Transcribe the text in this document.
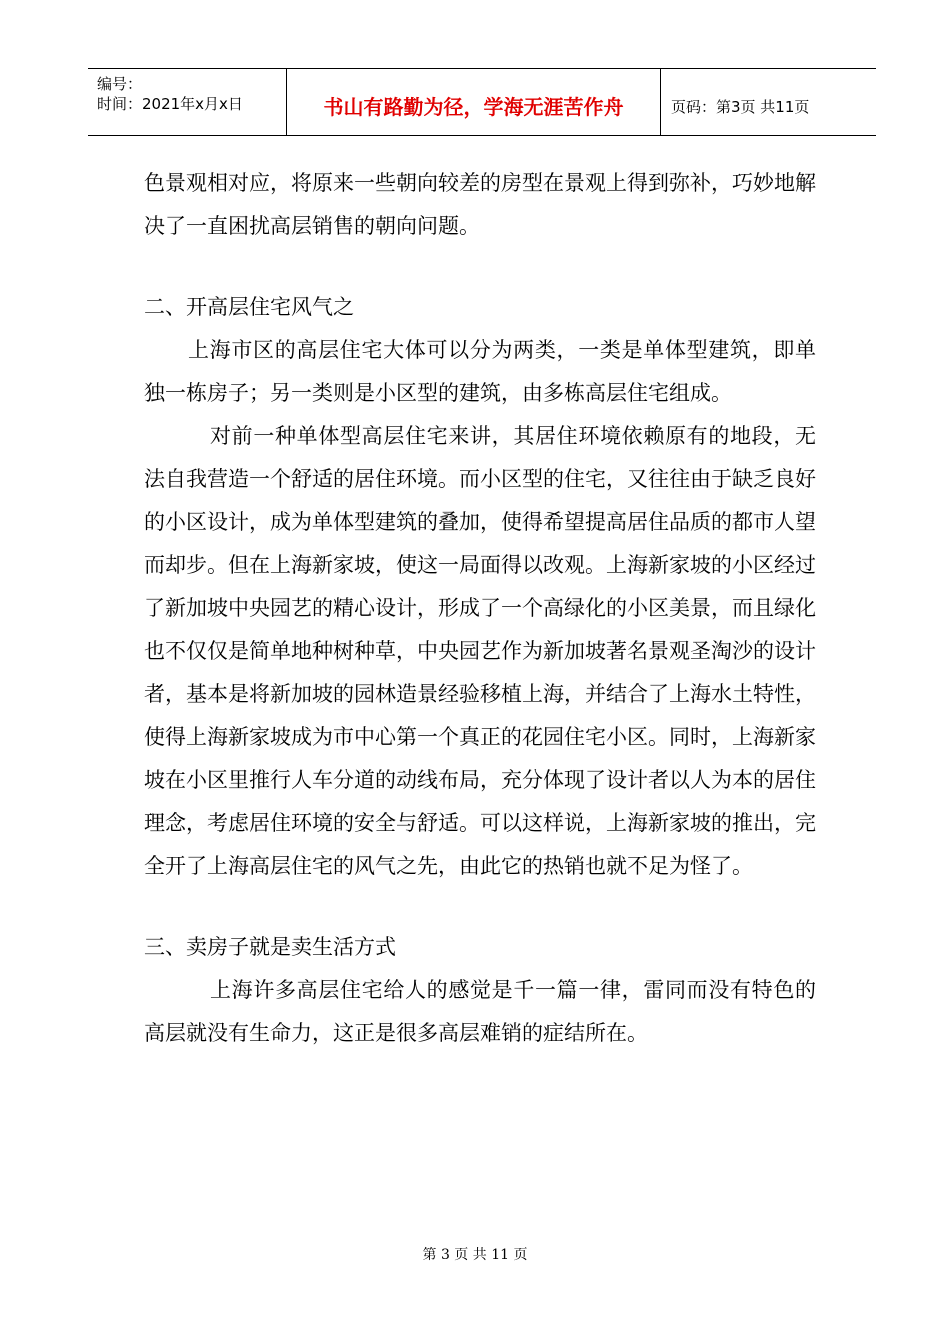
编号：
时间：2021年x月x日	书山有路勤为径，学海无涯苦作舟	页码：第3页 共11页

色景观相对应，将原来一些朝向较差的房型在景观上得到弥补，巧妙地解决了一直困扰高层销售的朝向问题。

二、开高层住宅风气之

上海市区的高层住宅大体可以分为两类，一类是单体型建筑，即单独一栋房子；另一类则是小区型的建筑，由多栋高层住宅组成。

对前一种单体型高层住宅来讲，其居住环境依赖原有的地段，无法自我营造一个舒适的居住环境。而小区型的住宅，又往往由于缺乏良好的小区设计，成为单体型建筑的叠加，使得希望提高居住品质的都市人望而却步。但在上海新家坡，使这一局面得以改观。上海新家坡的小区经过了新加坡中央园艺的精心设计，形成了一个高绿化的小区美景，而且绿化也不仅仅是简单地种树种草，中央园艺作为新加坡著名景观圣淘沙的设计者，基本是将新加坡的园林造景经验移植上海，并结合了上海水土特性，使得上海新家坡成为市中心第一个真正的花园住宅小区。同时，上海新家坡在小区里推行人车分道的动线布局，充分体现了设计者以人为本的居住理念，考虑居住环境的安全与舒适。可以这样说，上海新家坡的推出，完全开了上海高层住宅的风气之先，由此它的热销也就不足为怪了。

三、卖房子就是卖生活方式

上海许多高层住宅给人的感觉是千一篇一律，雷同而没有特色的高层就没有生命力，这正是很多高层难销的症结所在。

第 3 页 共 11 页
